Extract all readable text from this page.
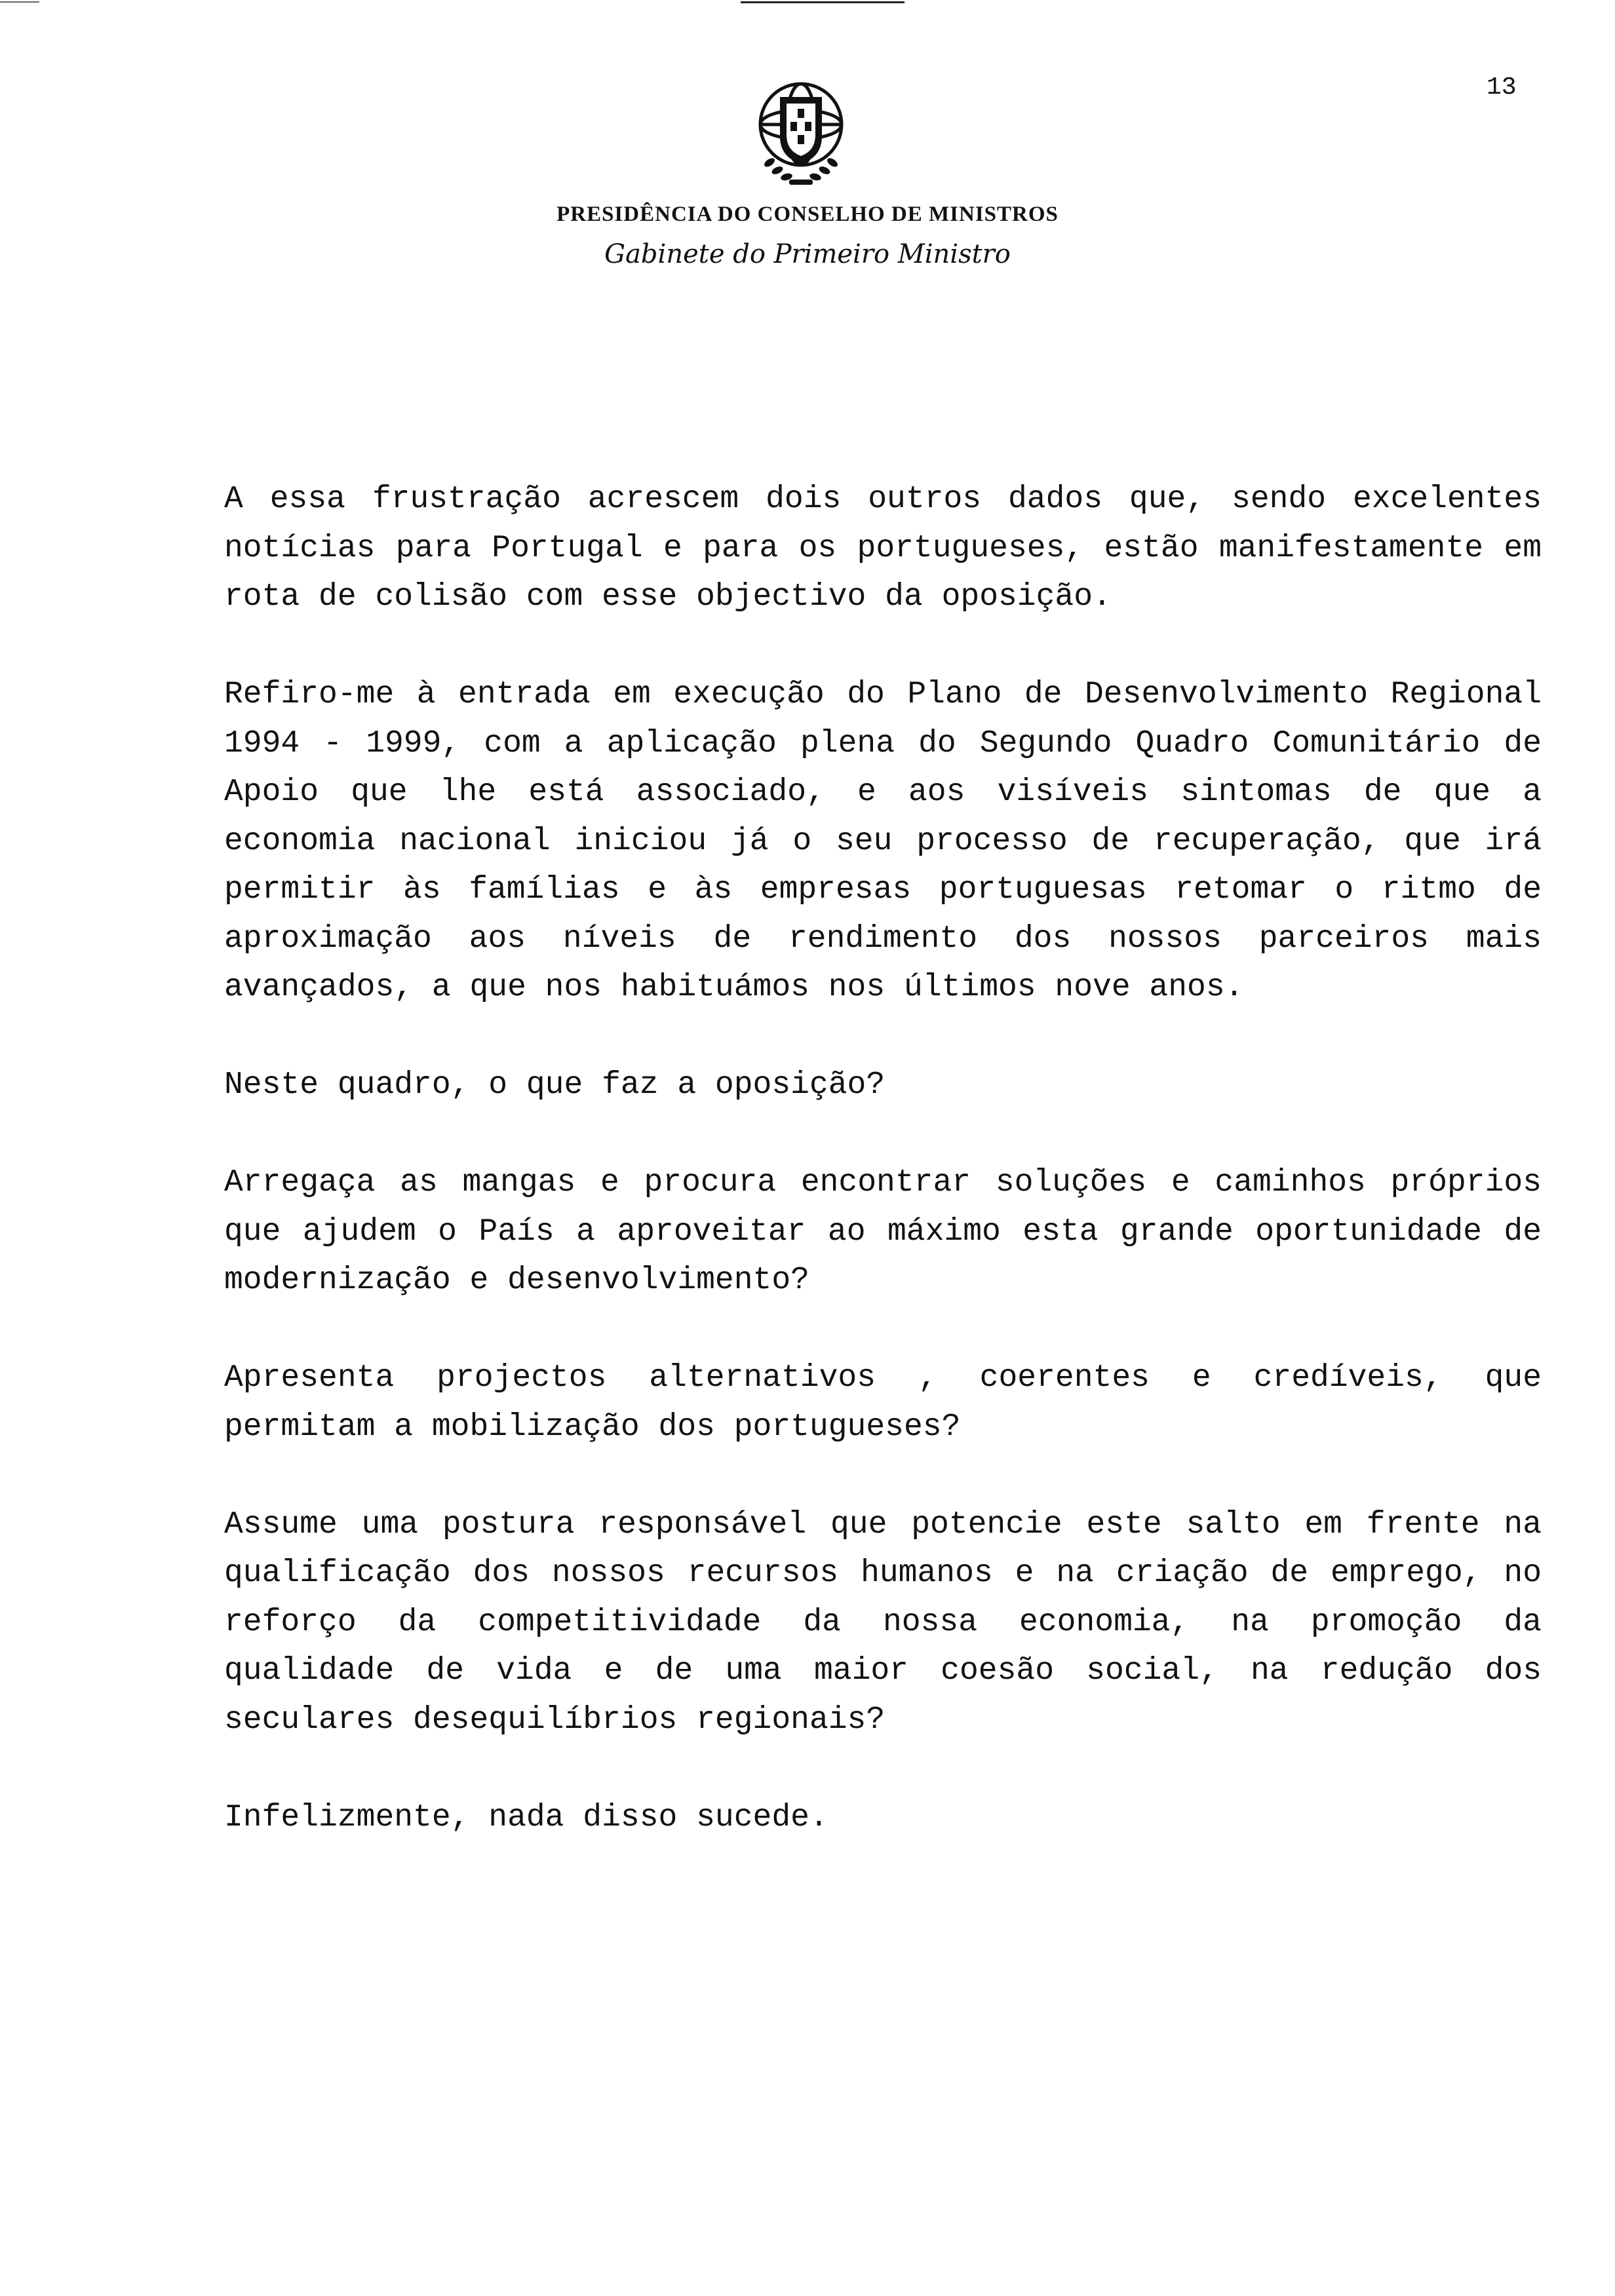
13
PRESIDÊNCIA DO CONSELHO DE MINISTROS
Gabinete do Primeiro Ministro

A essa frustração acrescem dois outros dados que, sendo excelentes notícias para Portugal e para os portugueses, estão manifestamente em rota de colisão com esse objectivo da oposição.

Refiro-me à entrada em execução do Plano de Desenvolvimento Regional 1994 - 1999, com a aplicação plena do Segundo Quadro Comunitário de Apoio que lhe está associado, e aos visíveis sintomas de que a economia nacional iniciou já o seu processo de recuperação, que irá permitir às famílias e às empresas portuguesas retomar o ritmo de aproximação aos níveis de rendimento dos nossos parceiros mais avançados, a que nos habituámos nos últimos nove anos.

Neste quadro, o que faz a oposição?

Arregaça as mangas e procura encontrar soluções e caminhos próprios que ajudem o País a aproveitar ao máximo esta grande oportunidade de modernização e desenvolvimento?

Apresenta projectos alternativos , coerentes e credíveis, que permitam a mobilização dos portugueses?

Assume uma postura responsável que potencie este salto em frente na qualificação dos nossos recursos humanos e na criação de emprego, no reforço da competitividade da nossa economia, na promoção da qualidade de vida e de uma maior coesão social, na redução dos seculares desequilíbrios regionais?

Infelizmente, nada disso sucede.
